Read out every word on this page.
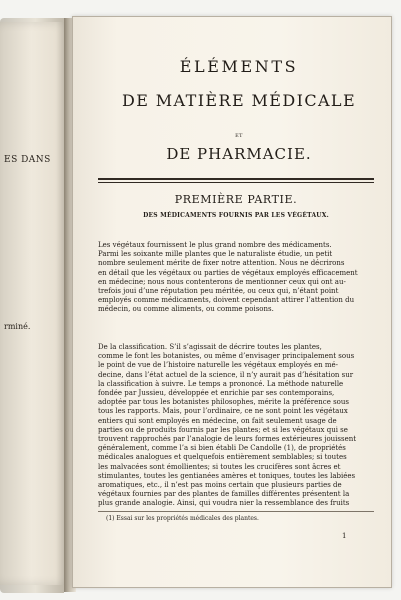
ES DANS
rminé.
ÉLÉMENTS
DE MATIÈRE MÉDICALE
ET
DE PHARMACIE.
PREMIÈRE PARTIE.
DES MÉDICAMENTS FOURNIS PAR LES VÉGÉTAUX.

Les végétaux fournissent le plus grand nombre des médicaments.
Parmi les soixante mille plantes que le naturaliste étudie, un petit
nombre seulement mérite de fixer notre attention. Nous ne décrirons
en détail que les végétaux ou parties de végétaux employés efficacement
en médecine; nous nous contenterons de mentionner ceux qui ont au-
trefois joui d’une réputation peu méritée, ou ceux qui, n’étant point
employés comme médicaments, doivent cependant attirer l’attention du
médecin, ou comme aliments, ou comme poisons.

De la classification. S’il s’agissait de décrire toutes les plantes,
comme le font les botanistes, ou même d’envisager principalement sous
le point de vue de l’histoire naturelle les végétaux employés en mé-
decine, dans l’état actuel de la science, il n’y aurait pas d’hésitation sur
la classification à suivre. Le temps a prononcé. La méthode naturelle
fondée par Jussieu, développée et enrichie par ses contemporains,
adoptée par tous les botanistes philosophes, mérite la préférence sous
tous les rapports. Mais, pour l’ordinaire, ce ne sont point les végétaux
entiers qui sont employés en médecine, on fait seulement usage de
parties ou de produits fournis par les plantes; et si les végétaux qui se
trouvent rapprochés par l’analogie de leurs formes extérieures jouissent
généralement, comme l’a si bien établi De Candolle (1), de propriétés
médicales analogues et quelquefois entièrement semblables; si toutes
les malvacées sont émollientes; si toutes les crucifères sont âcres et
stimulantes, toutes les gentianées amères et toniques, toutes les labiées
aromatiques, etc., il n’est pas moins certain que plusieurs parties de
végétaux fournies par des plantes de familles différentes présentent la
plus grande analogie. Ainsi, qui voudra nier la ressemblance des fruits

(1) Essai sur les propriétés médicales des plantes.
1
